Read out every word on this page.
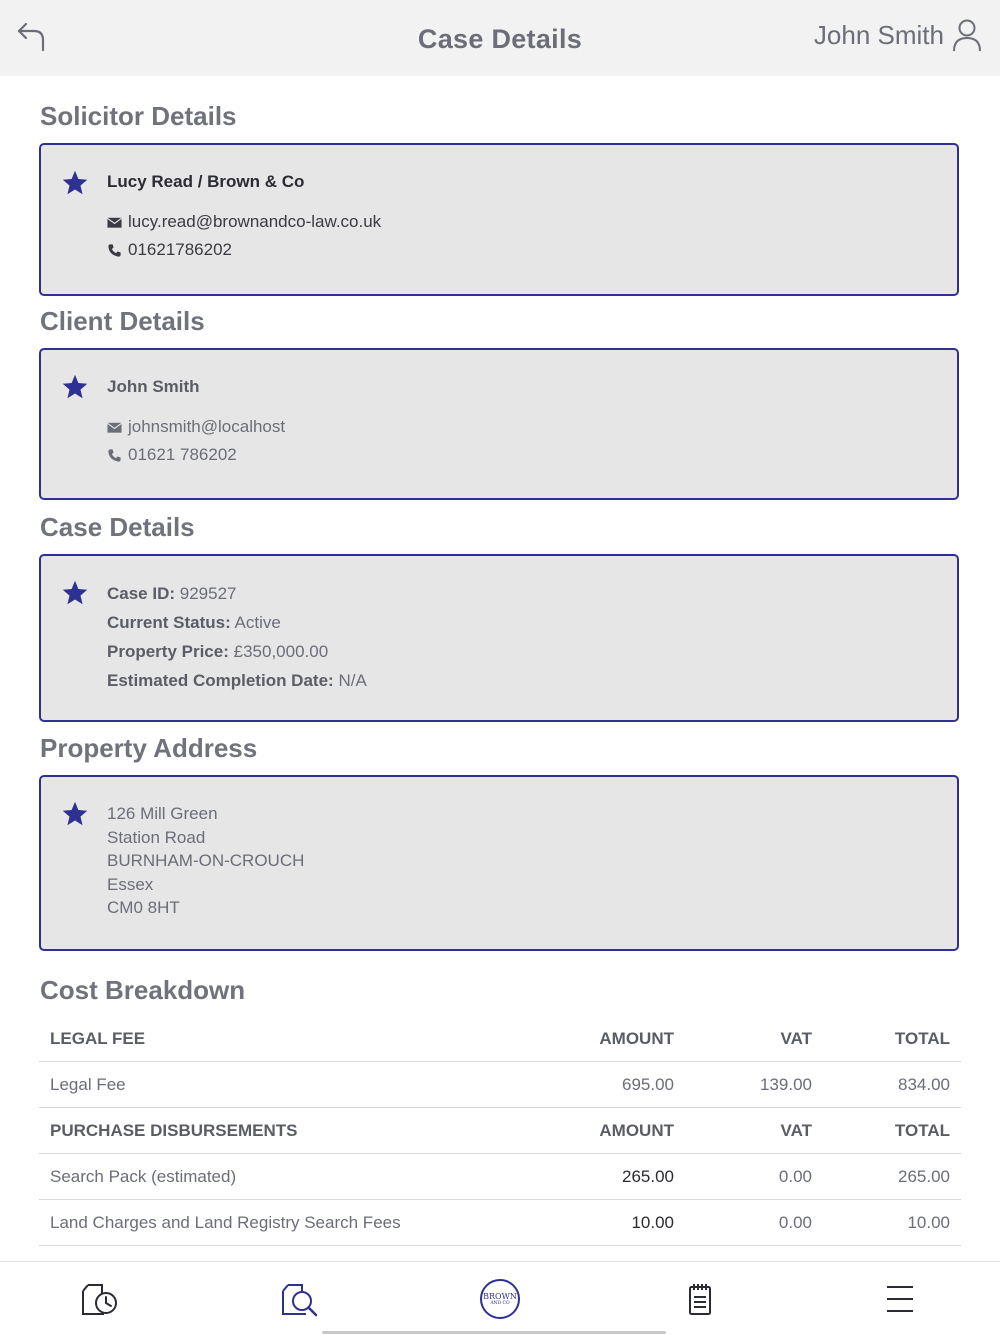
Case Details	John Smith
Solicitor Details
Lucy Read / Brown & Co
lucy.read@brownandco-law.co.uk
01621786202
Client Details
John Smith
johnsmith@localhost
01621 786202
Case Details
Case ID: 929527
Current Status: Active
Property Price: £350,000.00
Estimated Completion Date: N/A
Property Address
126 Mill Green
Station Road
BURNHAM-ON-CROUCH
Essex
CM0 8HT
Cost Breakdown
LEGAL FEE	AMOUNT	VAT	TOTAL
Legal Fee	695.00	139.00	834.00
PURCHASE DISBURSEMENTS	AMOUNT	VAT	TOTAL
Search Pack (estimated)	265.00	0.00	265.00
Land Charges and Land Registry Search Fees	10.00	0.00	10.00
BROWN
AND CO
